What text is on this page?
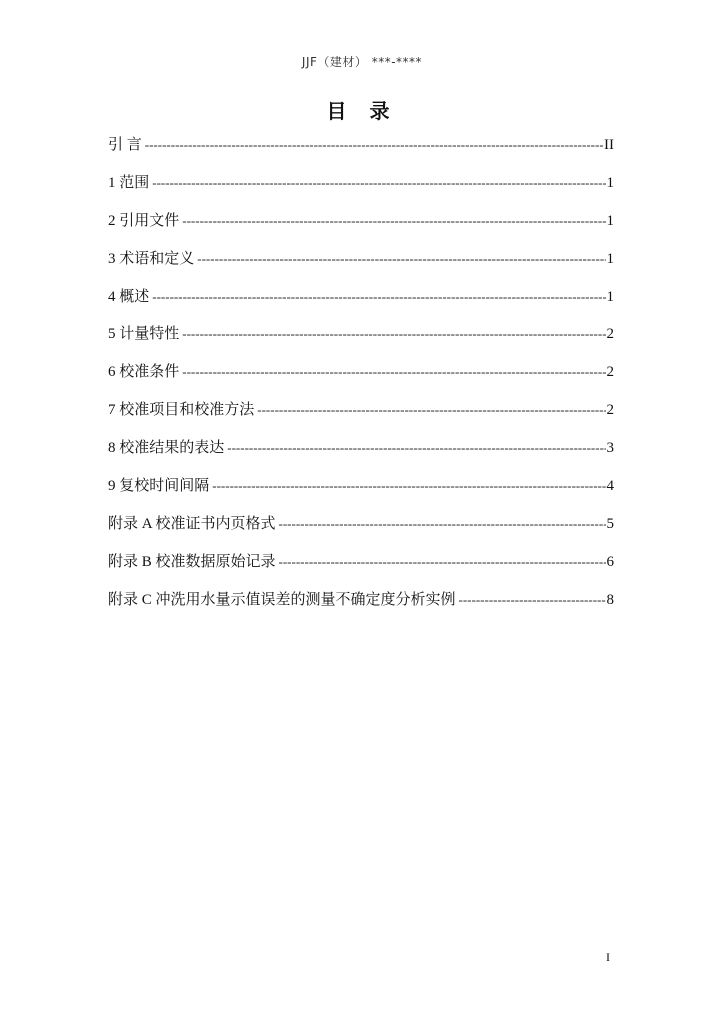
JJF（建材） ***-****
目 录
引 言 -----	II
1 范围 -----	1
2 引用文件 -----	1
3 术语和定义 -----	1
4 概述 -----	1
5 计量特性 -----	2
6 校准条件 -----	2
7 校准项目和校准方法 -----	2
8 校准结果的表达 -----	3
9 复校时间间隔 -----	4
附录 A 校准证书内页格式 -----	5
附录 B 校准数据原始记录 -----	6
附录 C 冲洗用水量示值误差的测量不确定度分析实例 -----	8
I
